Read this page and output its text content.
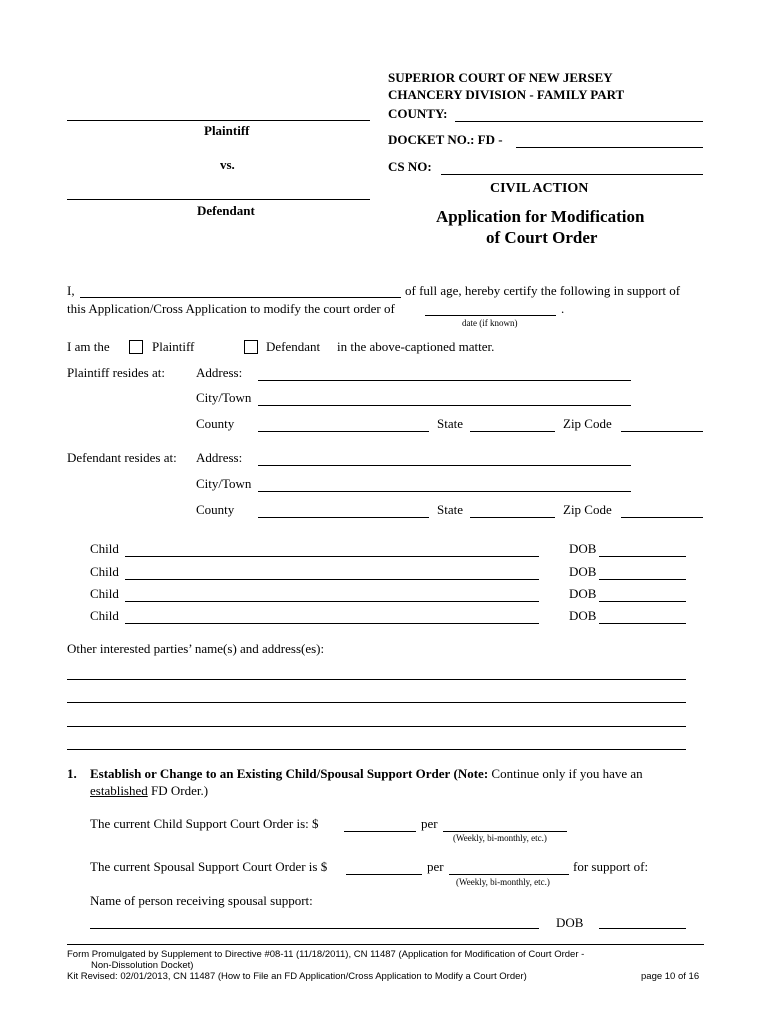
SUPERIOR COURT OF NEW JERSEY
CHANCERY DIVISION - FAMILY PART
COUNTY:
DOCKET NO.: FD -
CS NO:
Plaintiff
vs.
Defendant
CIVIL ACTION
Application for Modification
of Court Order
I,	of full age, hereby certify the following in support of
this Application/Cross Application to modify the court order of	.
date (if known)
I am the	Plaintiff	Defendant in the above-captioned matter.
Plaintiff resides at: Address:
City/Town
County	State	Zip Code
Defendant resides at: Address:
City/Town
County	State	Zip Code
Child	DOB
Child	DOB
Child	DOB
Child	DOB
Other interested parties’ name(s) and address(es):
1. Establish or Change to an Existing Child/Spousal Support Order (Note: Continue only if you have an
established FD Order.)
The current Child Support Court Order is: $	per
(Weekly, bi-monthly, etc.)
The current Spousal Support Court Order is $	per	for support of:
(Weekly, bi-monthly, etc.)
Name of person receiving spousal support:
DOB
Form Promulgated by Supplement to Directive #08-11 (11/18/2011), CN 11487 (Application for Modification of Court Order -
Non-Dissolution Docket)
Kit Revised: 02/01/2013, CN 11487 (How to File an FD Application/Cross Application to Modify a Court Order)	page 10 of 16
